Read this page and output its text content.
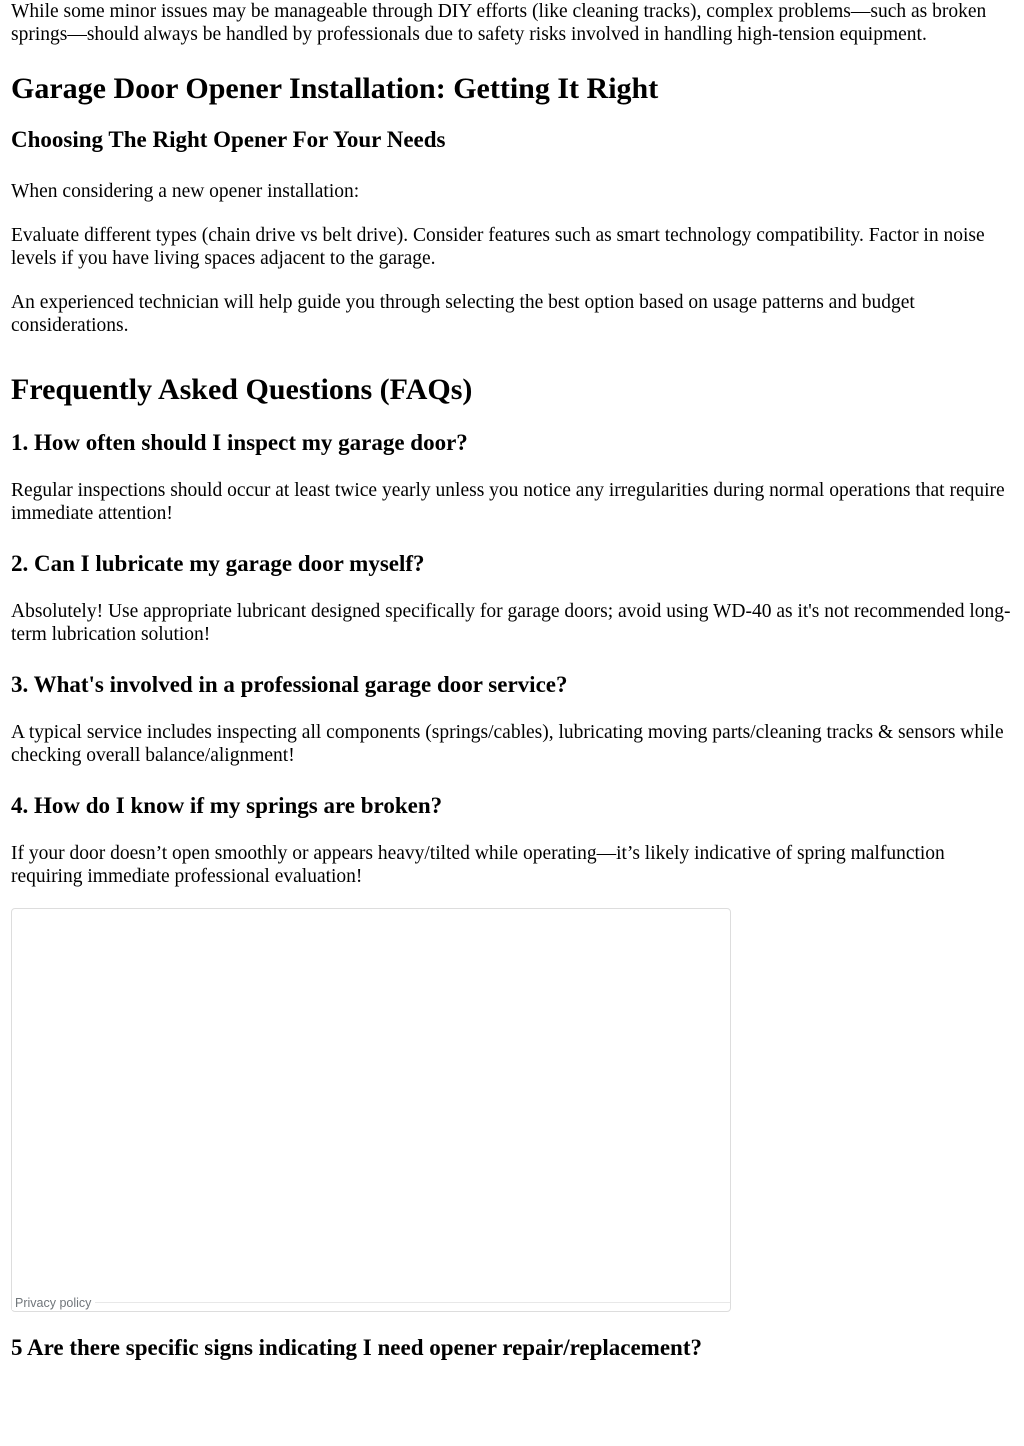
While some minor issues may be manageable through DIY efforts (like cleaning tracks), complex problems—such as broken springs—should always be handled by professionals due to safety risks involved in handling high-tension equipment.

Garage Door Opener Installation: Getting It Right
Choosing The Right Opener For Your Needs

When considering a new opener installation:

Evaluate different types (chain drive vs belt drive). Consider features such as smart technology compatibility. Factor in noise levels if you have living spaces adjacent to the garage.

An experienced technician will help guide you through selecting the best option based on usage patterns and budget considerations.

Frequently Asked Questions (FAQs)
1. How often should I inspect my garage door?

Regular inspections should occur at least twice yearly unless you notice any irregularities during normal operations that require immediate attention!

2. Can I lubricate my garage door myself?

Absolutely! Use appropriate lubricant designed specifically for garage doors; avoid using WD-40 as it's not recommended long-term lubrication solution!

3. What's involved in a professional garage door service?

A typical service includes inspecting all components (springs/cables), lubricating moving parts/cleaning tracks & sensors while checking overall balance/alignment!

4. How do I know if my springs are broken?

If your door doesn’t open smoothly or appears heavy/tilted while operating—it’s likely indicative of spring malfunction requiring immediate professional evaluation!

Privacy policy
5 Are there specific signs indicating I need opener repair/replacement?
